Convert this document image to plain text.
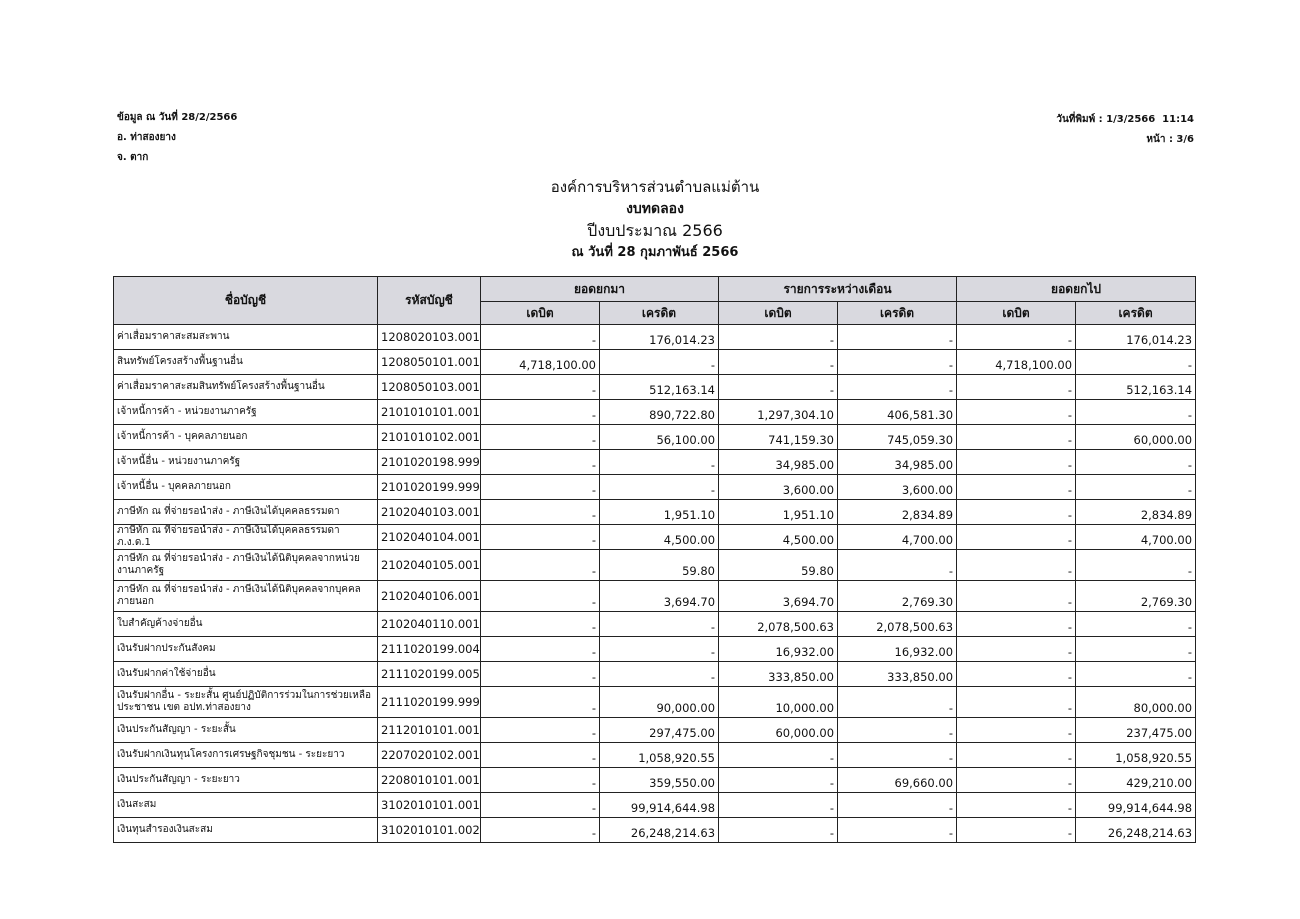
ข้อมูล ณ วันที่ 28/2/2566
อ. ท่าสองยาง
จ. ตาก
วันที่พิมพ์ : 1/3/2566  11:14
หน้า : 3/6
องค์การบริหารส่วนตำบลแม่ต้าน
งบทดลอง
ปีงบประมาณ 2566
ณ วันที่ 28 กุมภาพันธ์ 2566
ชื่อบัญชี	รหัสบัญชี	ยอดยกมา		รายการระหว่างเดือน		ยอดยกไป	
		เดบิต	เครดิต	เดบิต	เครดิต	เดบิต	เครดิต
ค่าเสื่อมราคาสะสมสะพาน	1208020103.001	-	176,014.23	-	-	-	176,014.23
สินทรัพย์โครงสร้างพื้นฐานอื่น	1208050101.001	4,718,100.00	-	-	-	4,718,100.00	-
ค่าเสื่อมราคาสะสมสินทรัพย์โครงสร้างพื้นฐานอื่น	1208050103.001	-	512,163.14	-	-	-	512,163.14
เจ้าหนี้การค้า - หน่วยงานภาครัฐ	2101010101.001	-	890,722.80	1,297,304.10	406,581.30	-	-
เจ้าหนี้การค้า - บุคคลภายนอก	2101010102.001	-	56,100.00	741,159.30	745,059.30	-	60,000.00
เจ้าหนี้อื่น - หน่วยงานภาครัฐ	2101020198.999	-	-	34,985.00	34,985.00	-	-
เจ้าหนี้อื่น - บุคคลภายนอก	2101020199.999	-	-	3,600.00	3,600.00	-	-
ภาษีหัก ณ ที่จ่ายรอนำส่ง - ภาษีเงินได้บุคคลธรรมดา	2102040103.001	-	1,951.10	1,951.10	2,834.89	-	2,834.89
ภาษีหัก ณ ที่จ่ายรอนำส่ง - ภาษีเงินได้บุคคลธรรมดา ภ.ง.ด.1	2102040104.001	-	4,500.00	4,500.00	4,700.00	-	4,700.00
ภาษีหัก ณ ที่จ่ายรอนำส่ง - ภาษีเงินได้นิติบุคคลจากหน่วยงานภาครัฐ	2102040105.001	-	59.80	59.80	-	-	-
ภาษีหัก ณ ที่จ่ายรอนำส่ง - ภาษีเงินได้นิติบุคคลจากบุคคลภายนอก	2102040106.001	-	3,694.70	3,694.70	2,769.30	-	2,769.30
ใบสำคัญค้างจ่ายอื่น	2102040110.001	-	-	2,078,500.63	2,078,500.63	-	-
เงินรับฝากประกันสังคม	2111020199.004	-	-	16,932.00	16,932.00	-	-
เงินรับฝากค่าใช้จ่ายอื่น	2111020199.005	-	-	333,850.00	333,850.00	-	-
เงินรับฝากอื่น - ระยะสั้น ศูนย์ปฏิบัติการร่วมในการช่วยเหลือประชาชน เขต อปท.ท่าสองยาง	2111020199.999	-	90,000.00	10,000.00	-	-	80,000.00
เงินประกันสัญญา - ระยะสั้น	2112010101.001	-	297,475.00	60,000.00	-	-	237,475.00
เงินรับฝากเงินทุนโครงการเศรษฐกิจชุมชน - ระยะยาว	2207020102.001	-	1,058,920.55	-	-	-	1,058,920.55
เงินประกันสัญญา - ระยะยาว	2208010101.001	-	359,550.00	-	69,660.00	-	429,210.00
เงินสะสม	3102010101.001	-	99,914,644.98	-	-	-	99,914,644.98
เงินทุนสำรองเงินสะสม	3102010101.002	-	26,248,214.63	-	-	-	26,248,214.63
